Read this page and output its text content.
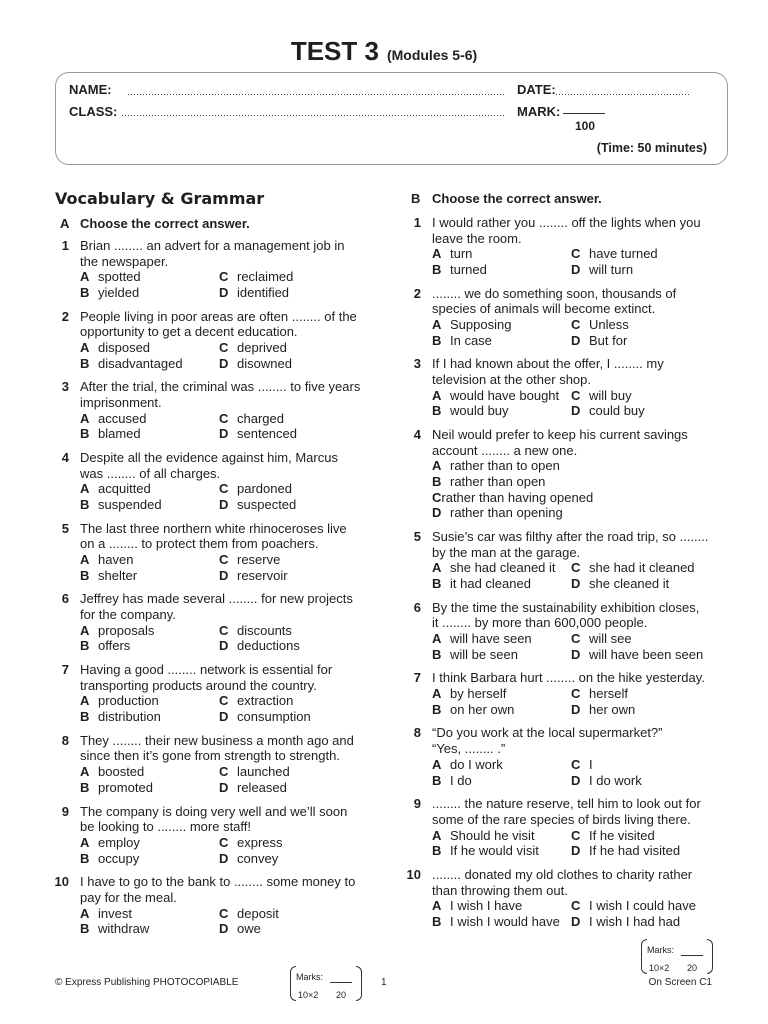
TEST 3 (Modules 5-6)
NAME:	DATE:
CLASS:	MARK:
100
(Time: 50 minutes)
Vocabulary & Grammar
A Choose the correct answer.
1 Brian ........ an advert for a management job in
the newspaper.
A spotted	C reclaimed
B yielded	D identified
2 People living in poor areas are often ........ of the
opportunity to get a decent education.
A disposed	C deprived
B disadvantaged	D disowned
3 After the trial, the criminal was ........ to five years
imprisonment.
A accused	C charged
B blamed	D sentenced
4 Despite all the evidence against him, Marcus
was ........ of all charges.
A acquitted	C pardoned
B suspended	D suspected
5 The last three northern white rhinoceroses live
on a ........ to protect them from poachers.
A haven	C reserve
B shelter	D reservoir
6 Jeffrey has made several ........ for new projects
for the company.
A proposals	C discounts
B offers	D deductions
7 Having a good ........ network is essential for
transporting products around the country.
A production	C extraction
B distribution	D consumption
8 They ........ their new business a month ago and
since then it’s gone from strength to strength.
A boosted	C launched
B promoted	D released
9 The company is doing very well and we’ll soon
be looking to ........ more staff!
A employ	C express
B occupy	D convey
10 I have to go to the bank to ........ some money to
pay for the meal.
A invest	C deposit
B withdraw	D owe
B Choose the correct answer.
1 I would rather you ........ off the lights when you
leave the room.
A turn	C have turned
B turned	D will turn
2 ........ we do something soon, thousands of
species of animals will become extinct.
A Supposing	C Unless
B In case	D But for
3 If I had known about the offer, I ........ my
television at the other shop.
A would have bought C will buy
B would buy	D could buy
4 Neil would prefer to keep his current savings
account ........ a new one.
A rather than to open
B rather than open
C rather than having opened
D rather than opening
5 Susie’s car was filthy after the road trip, so ........
by the man at the garage.
A she had cleaned it C she had it cleaned
B it had cleaned	D she cleaned it
6 By the time the sustainability exhibition closes,
it ........ by more than 600,000 people.
A will have seen	C will see
B will be seen	D will have been seen
7 I think Barbara hurt ........ on the hike yesterday.
A by herself	C herself
B on her own	D her own
8 “Do you work at the local supermarket?”
“Yes, ........ .”
A do I work	C I
B I do	D I do work
9 ........ the nature reserve, tell him to look out for
some of the rare species of birds living there.
A Should he visit	C If he visited
B If he would visit D If he had visited
10 ........ donated my old clothes to charity rather
than throwing them out.
A I wish I have	C I wish I could have
B I wish I would have D I wish I had had
Marks:
10×2 20
Marks:
10×2 20
© Express Publishing PHOTOCOPIABLE	1	On Screen C1
